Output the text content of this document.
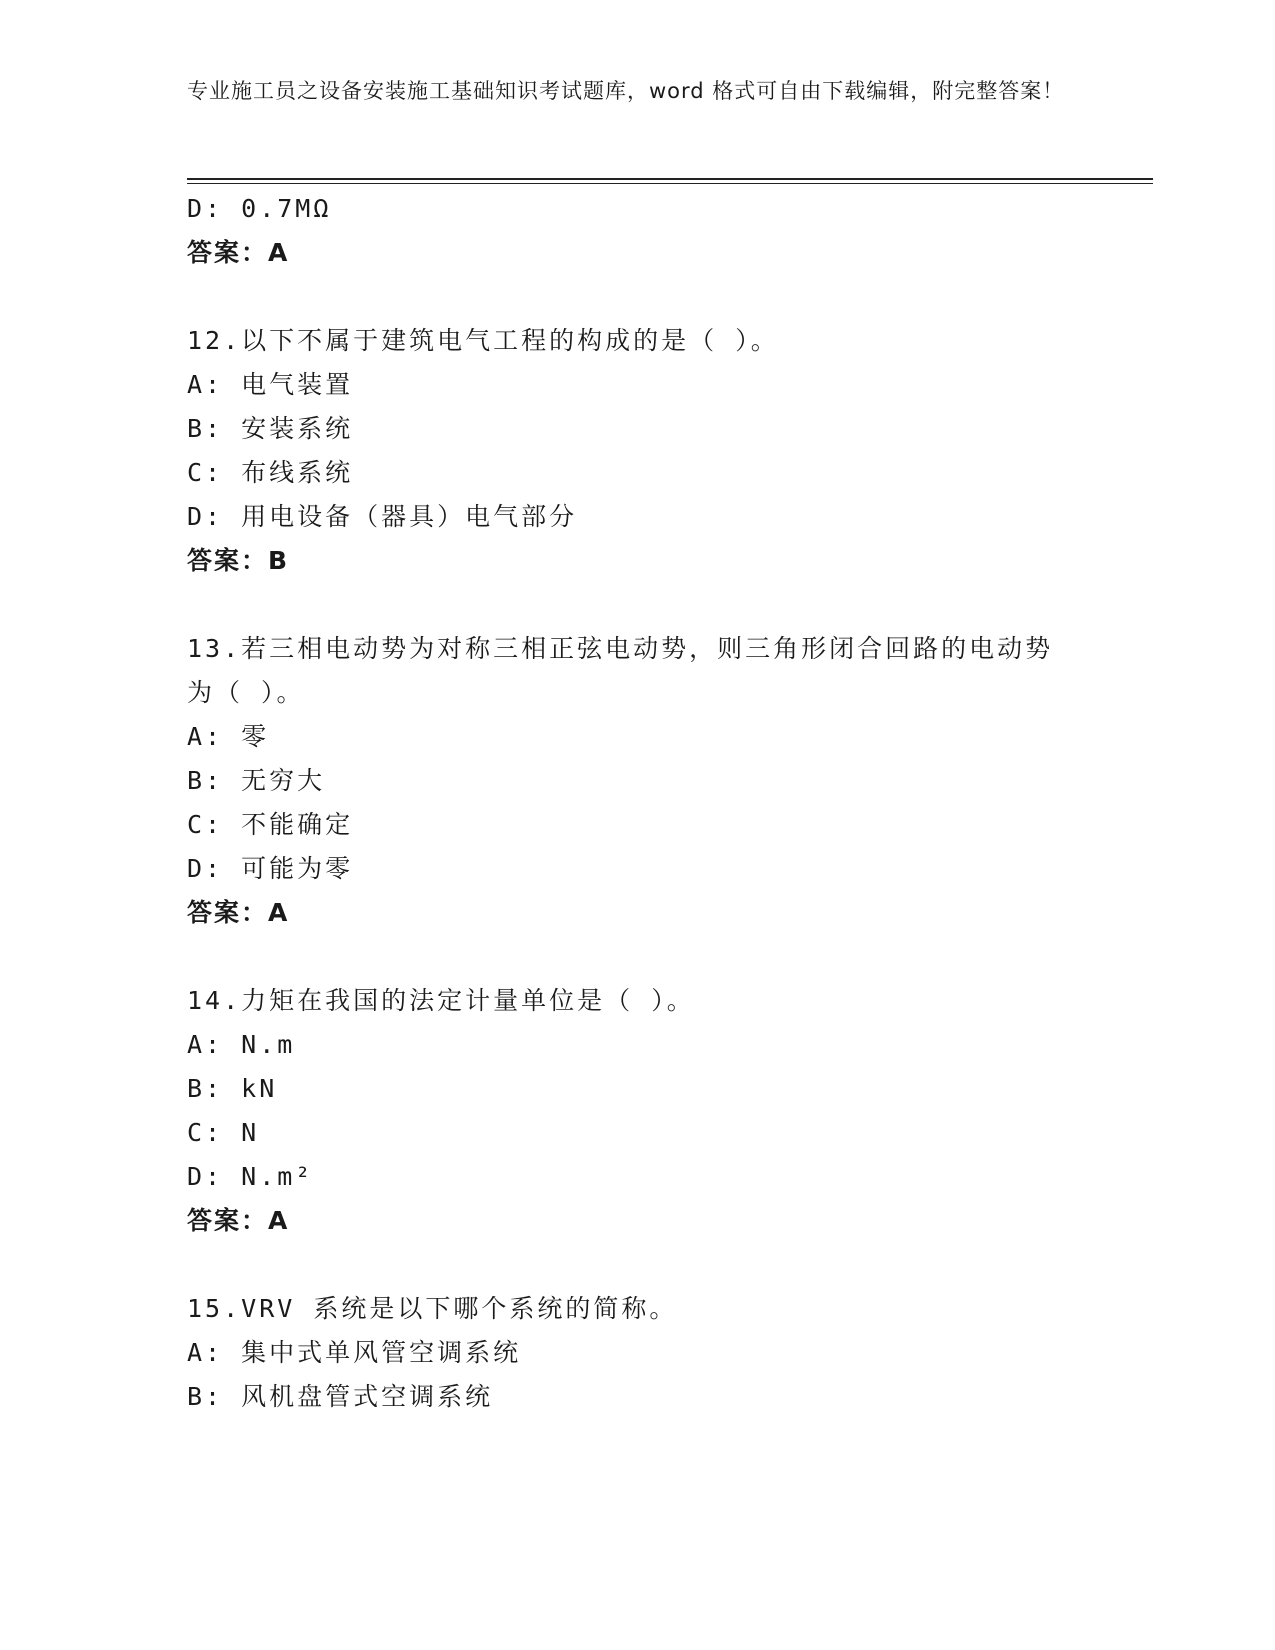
专业施工员之设备安装施工基础知识考试题库，word 格式可自由下载编辑，附完整答案！
D: 0.7MΩ
答案：A
12.以下不属于建筑电气工程的构成的是（ ）。
A: 电气装置
B: 安装系统
C: 布线系统
D: 用电设备（器具）电气部分
答案：B
13.若三相电动势为对称三相正弦电动势，则三角形闭合回路的电动势
为（ ）。
A: 零
B: 无穷大
C: 不能确定
D: 可能为零
答案：A
14.力矩在我国的法定计量单位是（ ）。
A: N.m
B: kN
C: N
D: N.m²
答案：A
15.VRV 系统是以下哪个系统的简称。
A: 集中式单风管空调系统
B: 风机盘管式空调系统
